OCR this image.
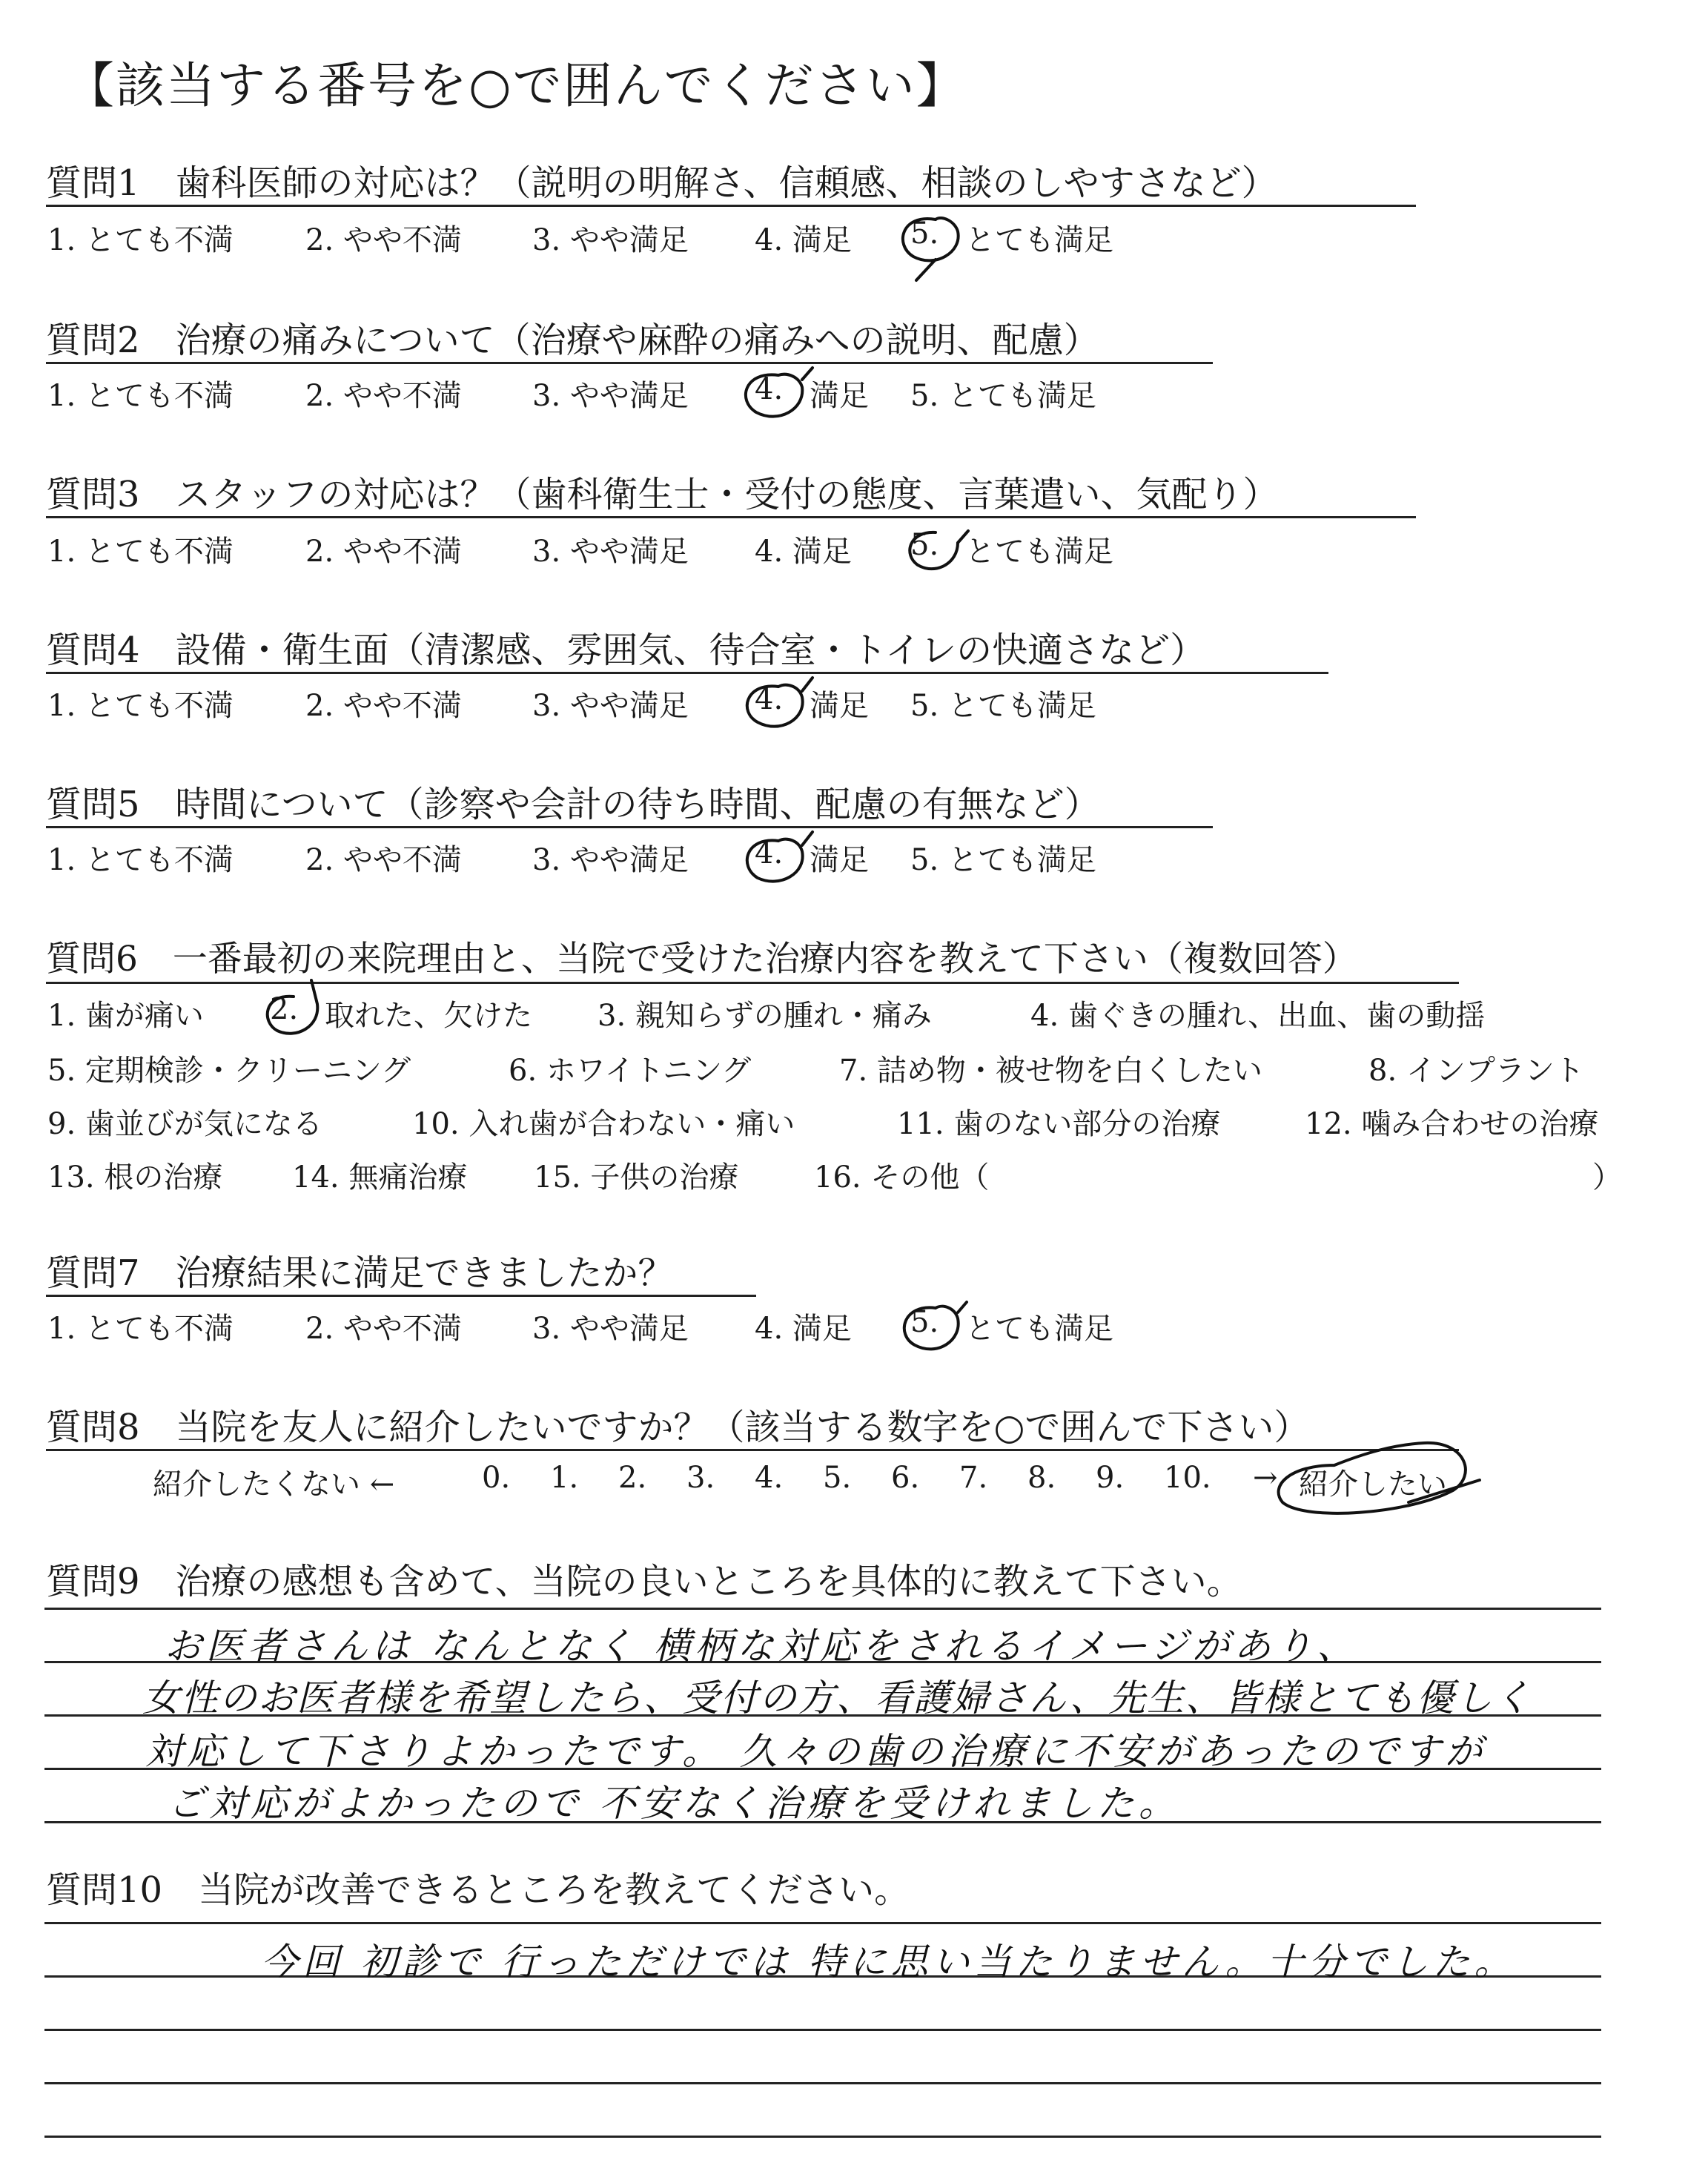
【該当する番号を○で囲んでください】
質問1　歯科医師の対応は？（説明の明解さ、信頼感、相談のしやすさなど）
1. とても不満 2. やや不満 3. やや満足 4. 満足 5. とても満足
質問2　治療の痛みについて（治療や麻酔の痛みへの説明、配慮）
1. とても不満 2. やや不満 3. やや満足 4. 満足 5. とても満足
質問3　スタッフの対応は？（歯科衛生士・受付の態度、言葉遣い、気配り）
1. とても不満 2. やや不満 3. やや満足 4. 満足 5. とても満足
質問4　設備・衛生面（清潔感、雰囲気、待合室・トイレの快適さなど）
1. とても不満 2. やや不満 3. やや満足 4. 満足 5. とても満足
質問5　時間について（診察や会計の待ち時間、配慮の有無など）
1. とても不満 2. やや不満 3. やや満足 4. 満足 5. とても満足
質問6　一番最初の来院理由と、当院で受けた治療内容を教えて下さい（複数回答）
1. 歯が痛い 2. 取れた、欠けた 3. 親知らずの腫れ・痛み	4. 歯ぐきの腫れ、出血、歯の動揺
5. 定期検診・クリーニング	6. ホワイトニング	7. 詰め物・被せ物を白くしたい	8. インプラント
9. 歯並びが気になる	10. 入れ歯が合わない・痛い	11. 歯のない部分の治療	12. 噛み合わせの治療
13. 根の治療 14. 無痛治療 15. 子供の治療	16. その他（	）
質問7　治療結果に満足できましたか？
1. とても不満 2. やや不満 3. やや満足 4. 満足 5. とても満足
質問8　当院を友人に紹介したいですか？（該当する数字を○で囲んで下さい）
紹介したくない ←	0. 1. 2. 3. 4. 5. 6. 7. 8. 9. 10. → 紹介したい
質問9　治療の感想も含めて、当院の良いところを具体的に教えて下さい。
お医者さんは なんとなく 横柄な対応をされるイメージがあり、
女性のお医者様を希望したら、受付の方、看護婦さん、先生、皆様とても優しく
対応して下さりよかったです。 久々の歯の治療に不安があったのですが
ご対応がよかったので 不安なく治療を受けれました。
質問10　当院が改善できるところを教えてください。
今回 初診で 行っただけでは 特に思い当たりません。十分でした。
